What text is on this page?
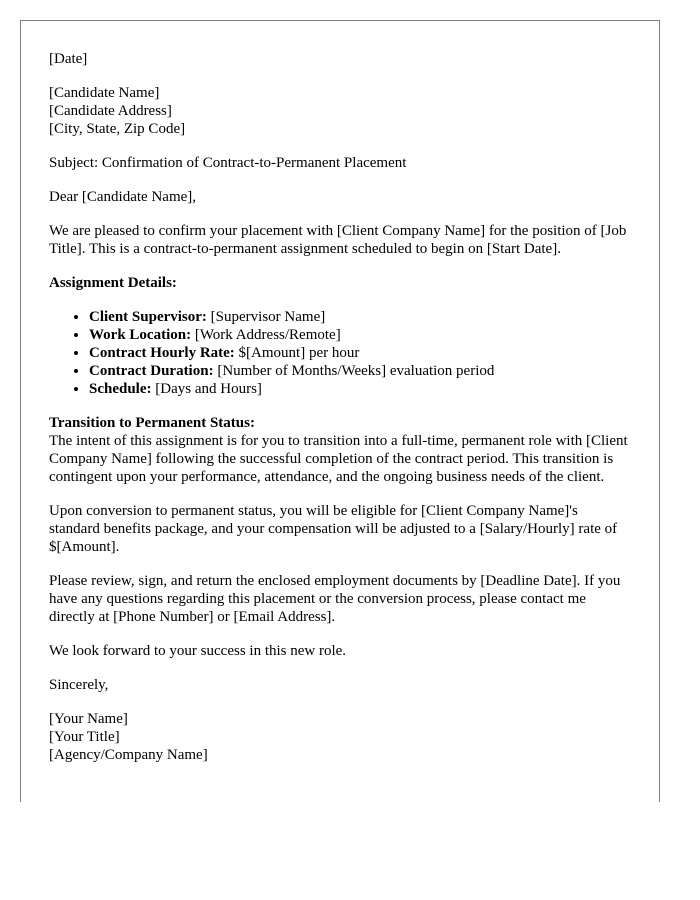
[Date]

[Candidate Name]
[Candidate Address]
[City, State, Zip Code]

Subject: Confirmation of Contract-to-Permanent Placement

Dear [Candidate Name],

We are pleased to confirm your placement with [Client Company Name] for the position of [Job Title]. This is a contract-to-permanent assignment scheduled to begin on [Start Date].

Assignment Details:

• Client Supervisor: [Supervisor Name]
• Work Location: [Work Address/Remote]
• Contract Hourly Rate: $[Amount] per hour
• Contract Duration: [Number of Months/Weeks] evaluation period
• Schedule: [Days and Hours]
Transition to Permanent Status:
The intent of this assignment is for you to transition into a full-time, permanent role with [Client Company Name] following the successful completion of the contract period. This transition is contingent upon your performance, attendance, and the ongoing business needs of the client.

Upon conversion to permanent status, you will be eligible for [Client Company Name]'s standard benefits package, and your compensation will be adjusted to a [Salary/Hourly] rate of $[Amount].

Please review, sign, and return the enclosed employment documents by [Deadline Date]. If you have any questions regarding this placement or the conversion process, please contact me directly at [Phone Number] or [Email Address].

We look forward to your success in this new role.

Sincerely,

[Your Name]
[Your Title]
[Agency/Company Name]
